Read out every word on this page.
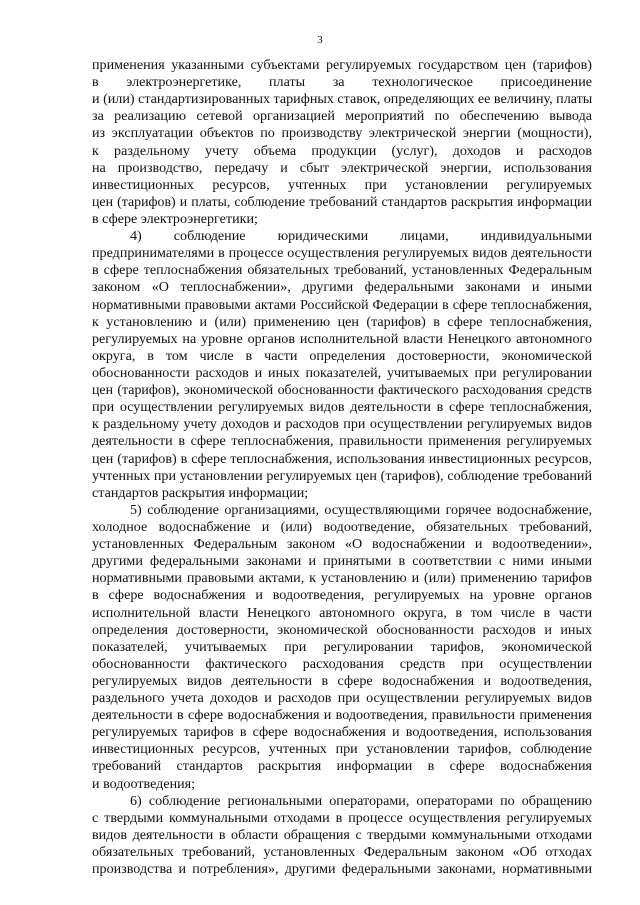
3
применения указанными субъектами регулируемых государством цен (тарифов)
в электроэнергетике, платы за технологическое присоединение
и (или) стандартизированных тарифных ставок, определяющих ее величину, платы
за реализацию сетевой организацией мероприятий по обеспечению вывода
из эксплуатации объектов по производству электрической энергии (мощности),
к раздельному учету объема продукции (услуг), доходов и расходов
на производство, передачу и сбыт электрической энергии, использования
инвестиционных ресурсов, учтенных при установлении регулируемых
цен (тарифов) и платы, соблюдение требований стандартов раскрытия информации
в сфере электроэнергетики;
4) соблюдение юридическими лицами, индивидуальными
предпринимателями в процессе осуществления регулируемых видов деятельности
в сфере теплоснабжения обязательных требований, установленных Федеральным
законом «О теплоснабжении», другими федеральными законами и иными
нормативными правовыми актами Российской Федерации в сфере теплоснабжения,
к установлению и (или) применению цен (тарифов) в сфере теплоснабжения,
регулируемых на уровне органов исполнительной власти Ненецкого автономного
округа, в том числе в части определения достоверности, экономической
обоснованности расходов и иных показателей, учитываемых при регулировании
цен (тарифов), экономической обоснованности фактического расходования средств
при осуществлении регулируемых видов деятельности в сфере теплоснабжения,
к раздельному учету доходов и расходов при осуществлении регулируемых видов
деятельности в сфере теплоснабжения, правильности применения регулируемых
цен (тарифов) в сфере теплоснабжения, использования инвестиционных ресурсов,
учтенных при установлении регулируемых цен (тарифов), соблюдение требований
стандартов раскрытия информации;
5) соблюдение организациями, осуществляющими горячее водоснабжение,
холодное водоснабжение и (или) водоотведение, обязательных требований,
установленных Федеральным законом «О водоснабжении и водоотведении»,
другими федеральными законами и принятыми в соответствии с ними иными
нормативными правовыми актами, к установлению и (или) применению тарифов
в сфере водоснабжения и водоотведения, регулируемых на уровне органов
исполнительной власти Ненецкого автономного округа, в том числе в части
определения достоверности, экономической обоснованности расходов и иных
показателей, учитываемых при регулировании тарифов, экономической
обоснованности фактического расходования средств при осуществлении
регулируемых видов деятельности в сфере водоснабжения и водоотведения,
раздельного учета доходов и расходов при осуществлении регулируемых видов
деятельности в сфере водоснабжения и водоотведения, правильности применения
регулируемых тарифов в сфере водоснабжения и водоотведения, использования
инвестиционных ресурсов, учтенных при установлении тарифов, соблюдение
требований стандартов раскрытия информации в сфере водоснабжения
и водоотведения;
6) соблюдение региональными операторами, операторами по обращению
с твердыми коммунальными отходами в процессе осуществления регулируемых
видов деятельности в области обращения с твердыми коммунальными отходами
обязательных требований, установленных Федеральным законом «Об отходах
производства и потребления», другими федеральными законами, нормативными
